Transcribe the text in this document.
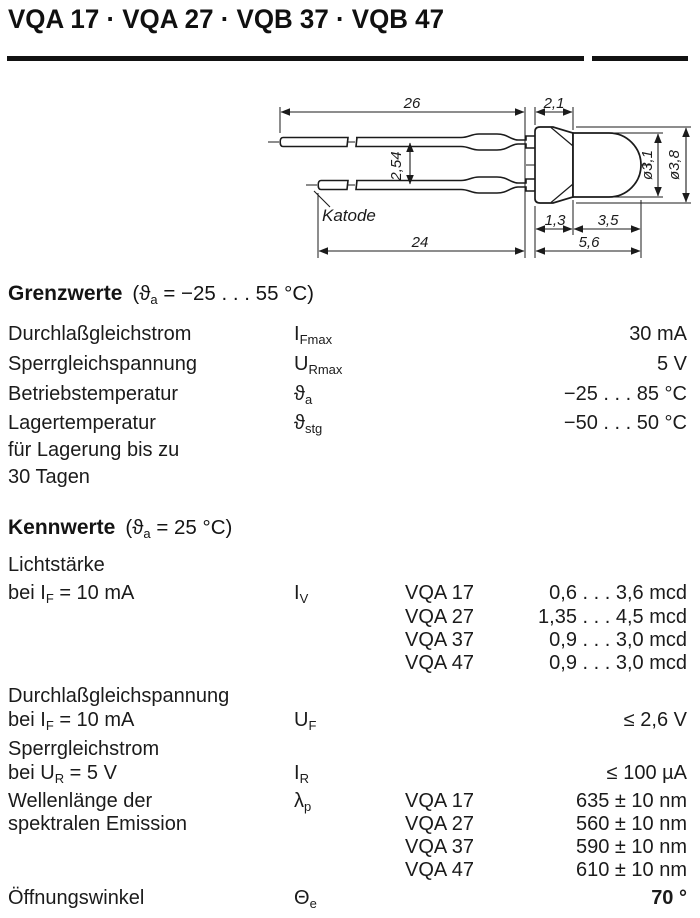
VQA 17 · VQA 27 · VQB 37 · VQB 47
26	2,1
2,54
24
1,3 3,5
5,6
ø3,1 ø3,8
Katode
Grenzwerte ($ϑ_a = -25$ . . . 55 °C)
Durchlaßgleichstrom	$I_{Fmax}$	30 mA
Sperrgleichspannung	$U_{Rmax}$	5 V
Betriebstemperatur	$ϑ_a$	−25 . . . 85 °C
Lagertemperatur	$ϑ_{stg}$	−50 . . . 50 °C
für Lagerung bis zu
30 Tagen
Kennwerte ($ϑ_a = 25$ °C)
Lichtstärke
bei $I_F = 10$ mA	$I_V$	VQA 17	0,6 . . . 3,6 mcd
VQA 27	1,35 . . . 4,5 mcd
VQA 37	0,9 . . . 3,0 mcd
VQA 47	0,9 . . . 3,0 mcd
Durchlaßgleichspannung
bei $I_F = 10$ mA	$U_F$	≤ 2,6 V
Sperrgleichstrom
bei $U_R = 5$ V	$I_R$	≤ 100 µA
Wellenlänge der
spektralen Emission
$\lambda_p$	VQA 17	635 ± 10 nm
VQA 27	560 ± 10 nm
VQA 37	590 ± 10 nm
VQA 47	610 ± 10 nm
Öffnungswinkel	$\Theta_e$	70 °
